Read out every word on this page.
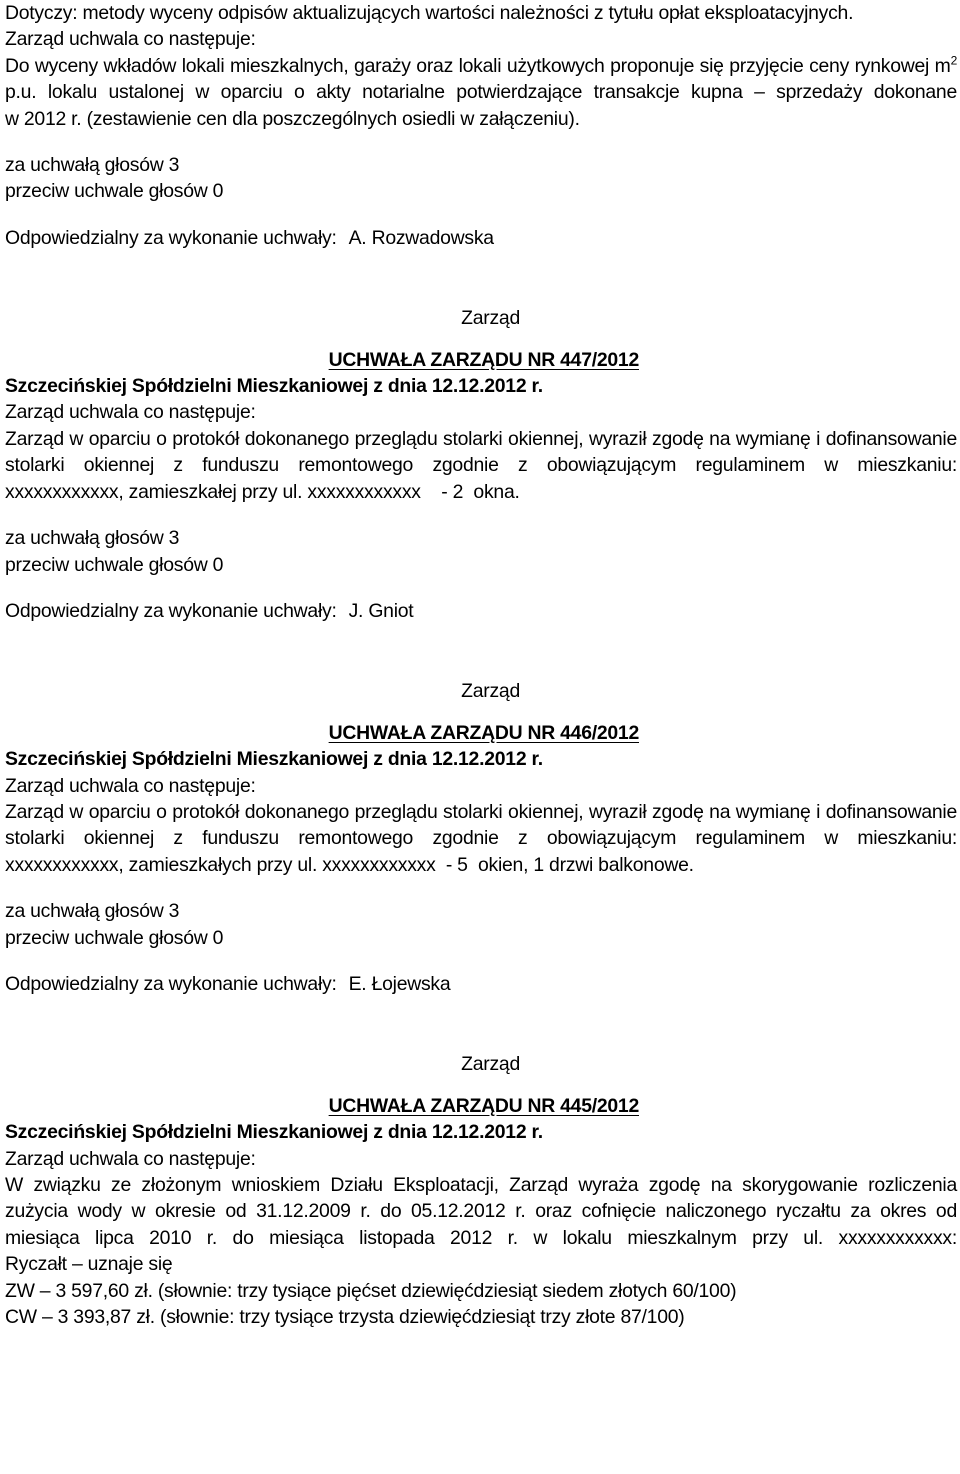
Dotyczy: metody wyceny odpisów aktualizujących wartości należności z tytułu opłat eksploatacyjnych.
Zarząd uchwala co następuje:
Do wyceny wkładów lokali mieszkalnych, garaży oraz lokali użytkowych proponuje się przyjęcie ceny rynkowej $m^2$ p.u. lokalu ustalonej w oparciu o akty notarialne potwierdzające transakcje kupna – sprzedaży dokonane
w 2012 r. (zestawienie cen dla poszczególnych osiedli w załączeniu).
za uchwałą głosów 3
przeciw uchwale głosów 0
Odpowiedzialny za wykonanie uchwały: A. Rozwadowska
Zarząd
UCHWAŁA ZARZĄDU NR 447/2012
Szczecińskiej Spółdzielni Mieszkaniowej z dnia 12.12.2012 r.
Zarząd uchwala co następuje:
Zarząd w oparciu o protokół dokonanego przeglądu stolarki okiennej, wyraził zgodę na wymianę i dofinansowanie
stolarki okiennej z funduszu remontowego zgodnie z obowiązującym regulaminem w mieszkaniu:
xxxxxxxxxxxx, zamieszkałej przy ul. xxxxxxxxxxxx    - 2  okna.
za uchwałą głosów 3
przeciw uchwale głosów 0
Odpowiedzialny za wykonanie uchwały: J. Gniot
Zarząd
UCHWAŁA ZARZĄDU NR 446/2012
Szczecińskiej Spółdzielni Mieszkaniowej z dnia 12.12.2012 r.
Zarząd uchwala co następuje:
Zarząd w oparciu o protokół dokonanego przeglądu stolarki okiennej, wyraził zgodę na wymianę i dofinansowanie
stolarki okiennej z funduszu remontowego zgodnie z obowiązującym regulaminem w mieszkaniu:
xxxxxxxxxxxx, zamieszkałych przy ul. xxxxxxxxxxxx  - 5  okien, 1 drzwi balkonowe.
za uchwałą głosów 3
przeciw uchwale głosów 0
Odpowiedzialny za wykonanie uchwały: E. Łojewska
Zarząd
UCHWAŁA ZARZĄDU NR 445/2012
Szczecińskiej Spółdzielni Mieszkaniowej z dnia 12.12.2012 r.
Zarząd uchwala co następuje:
W związku ze złożonym wnioskiem Działu Eksploatacji, Zarząd wyraża zgodę na skorygowanie rozliczenia
zużycia wody w okresie od 31.12.2009 r. do 05.12.2012 r. oraz cofnięcie naliczonego ryczałtu za okres od
miesiąca lipca 2010 r. do miesiąca listopada 2012 r. w lokalu mieszkalnym przy ul. xxxxxxxxxxxx:
Ryczałt – uznaje się
ZW – 3 597,60 zł. (słownie: trzy tysiące pięćset dziewięćdziesiąt siedem złotych 60/100)
CW – 3 393,87 zł. (słownie: trzy tysiące trzysta dziewięćdziesiąt trzy złote 87/100)
